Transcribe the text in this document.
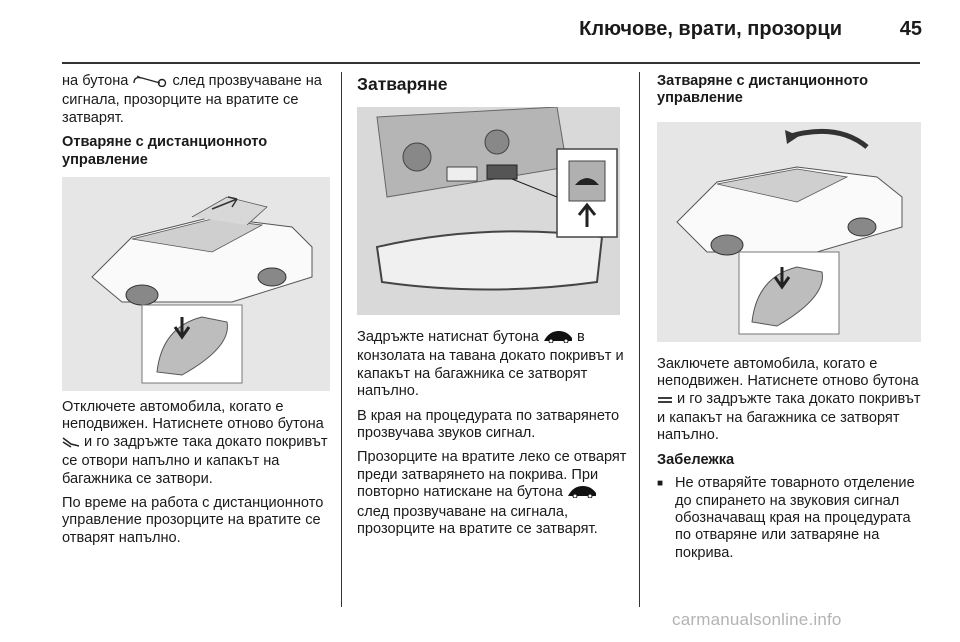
Ключове, врати, прозорци	45

на бутона  след прозвучаване на сигнала, прозорците на вратите се затварят.

Отваряне с дистанционното управление

Отключете автомобила, когато е неподвижен. Натиснете отново бутона  и го задръжте така докато покривът се отвори напълно и капакът на багажника се затвори.

По време на работа с дистанционното управление прозорците на вратите се отварят напълно.

Затваряне

Задръжте натиснат бутона  в конзолата на тавана докато покривът и капакът на багажника се затворят напълно.

В края на процедурата по затварянето прозвучава звуков сигнал.

Прозорците на вратите леко се отварят преди затварянето на покрива. При повторно натискане на бутона  след прозвучаване на сигнала, прозорците на вратите се затварят.

Затваряне с дистанционното управление

Заключете автомобила, когато е неподвижен. Натиснете отново бутона  и го задръжте така докато покривът и капакът на багажника се затворят напълно.

Забележка
■ Не отваряйте товарното отделение до спирането на звуковия сигнал обозначаващ края на процедурата по отваряне или затваряне на покрива.
carmanualsonline.info
